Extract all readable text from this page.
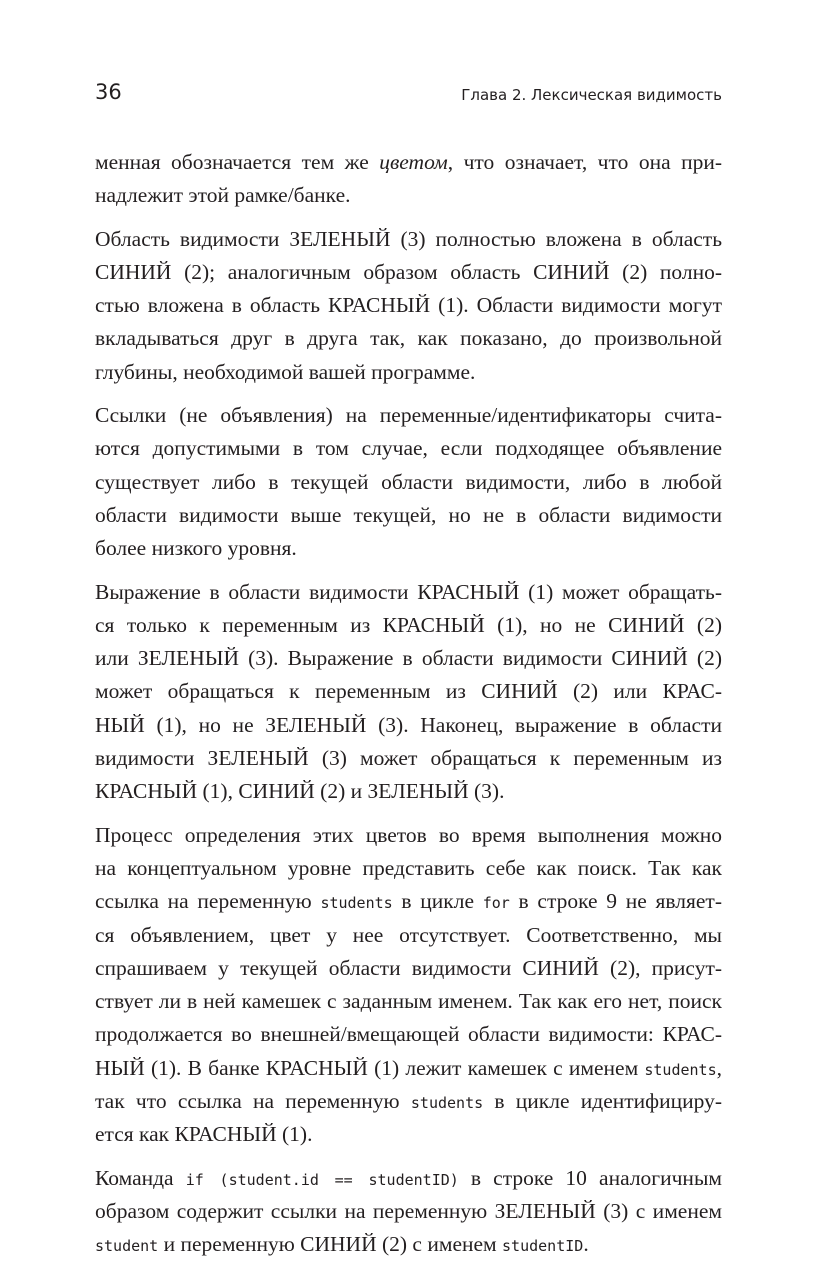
36	Глава 2. Лексическая видимость
менная обозначается тем же цветом, что означает, что она при-
надлежит этой рамке/банке.
Область видимости ЗЕЛЕНЫЙ (3) полностью вложена в область
СИНИЙ (2); аналогичным образом область СИНИЙ (2) полно-
стью вложена в область КРАСНЫЙ (1). Области видимости могут
вкладываться друг в друга так, как показано, до произвольной
глубины, необходимой вашей программе.
Ссылки (не объявления) на переменные/идентификаторы счита-
ются допустимыми в том случае, если подходящее объявление
существует либо в текущей области видимости, либо в любой
области видимости выше текущей, но не в области видимости
более низкого уровня.
Выражение в области видимости КРАСНЫЙ (1) может обращать-
ся только к переменным из КРАСНЫЙ (1), но не СИНИЙ (2)
или ЗЕЛЕНЫЙ (3). Выражение в области видимости СИНИЙ (2)
может обращаться к переменным из СИНИЙ (2) или КРАС-
НЫЙ (1), но не ЗЕЛЕНЫЙ (3). Наконец, выражение в области
видимости ЗЕЛЕНЫЙ (3) может обращаться к переменным из
КРАСНЫЙ (1), СИНИЙ (2) и ЗЕЛЕНЫЙ (3).
Процесс определения этих цветов во время выполнения можно
на концептуальном уровне представить себе как поиск. Так как
ссылка на переменную students в цикле for в строке 9 не являет-
ся объявлением, цвет у нее отсутствует. Соответственно, мы
спрашиваем у текущей области видимости СИНИЙ (2), присут-
ствует ли в ней камешек с заданным именем. Так как его нет, поиск
продолжается во внешней/вмещающей области видимости: КРАС-
НЫЙ (1). В банке КРАСНЫЙ (1) лежит камешек с именем students,
так что ссылка на переменную students в цикле идентифициру-
ется как КРАСНЫЙ (1).
Команда if (student.id == studentID) в строке 10 аналогичным
образом содержит ссылки на переменную ЗЕЛЕНЫЙ (3) с именем
student и переменную СИНИЙ (2) с именем studentID.
